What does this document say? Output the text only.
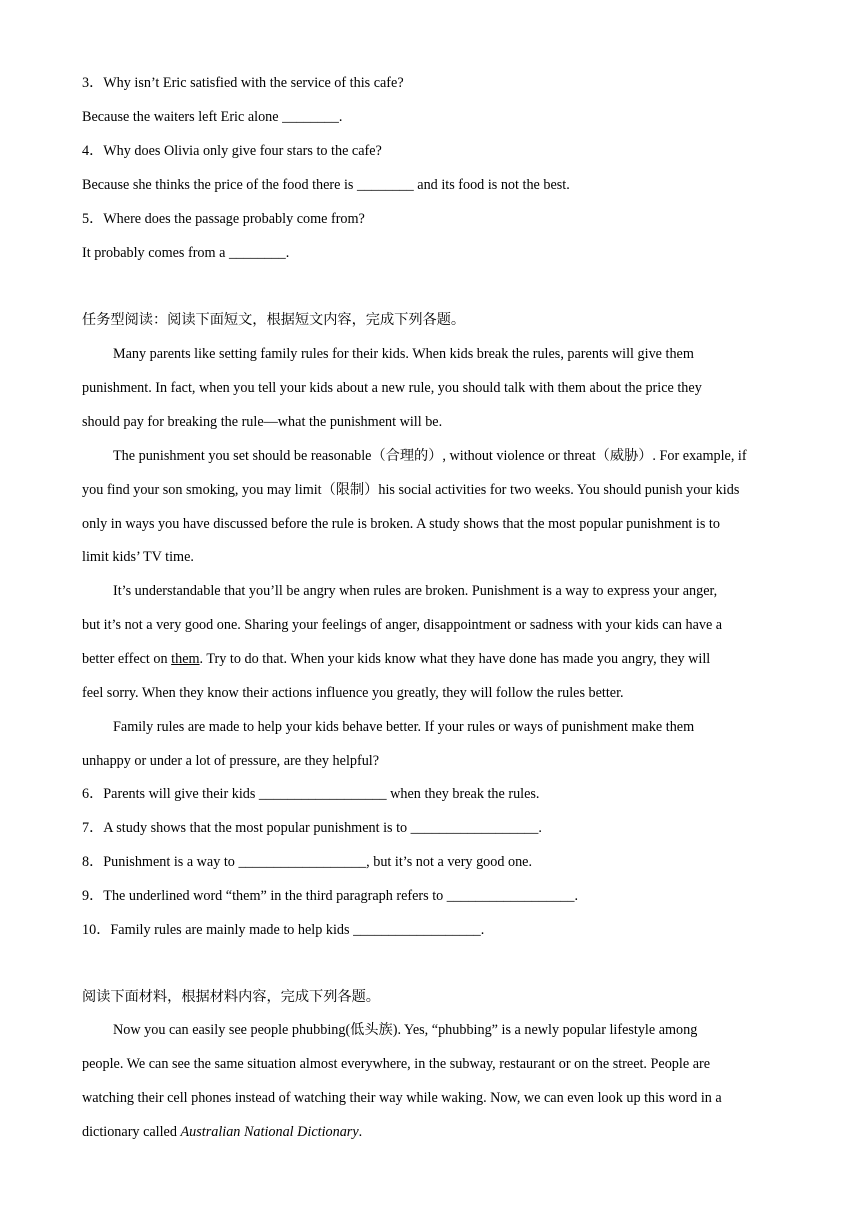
3．Why isn’t Eric satisfied with the service of this cafe?
Because the waiters left Eric alone ________.
4．Why does Olivia only give four stars to the cafe?
Because she thinks the price of the food there is ________ and its food is not the best.
5．Where does the passage probably come from?
It probably comes from a ________.
任务型阅读：阅读下面短文，根据短文内容，完成下列各题。
Many parents like setting family rules for their kids. When kids break the rules, parents will give them
punishment. In fact, when you tell your kids about a new rule, you should talk with them about the price they
should pay for breaking the rule—what the punishment will be.
The punishment you set should be reasonable（合理的）, without violence or threat（威胁）. For example, if
you find your son smoking, you may limit（限制）his social activities for two weeks. You should punish your kids
only in ways you have discussed before the rule is broken. A study shows that the most popular punishment is to
limit kids’ TV time.
It’s understandable that you’ll be angry when rules are broken. Punishment is a way to express your anger,
but it’s not a very good one. Sharing your feelings of anger, disappointment or sadness with your kids can have a
better effect on them. Try to do that. When your kids know what they have done has made you angry, they will
feel sorry. When they know their actions influence you greatly, they will follow the rules better.
Family rules are made to help your kids behave better. If your rules or ways of punishment make them
unhappy or under a lot of pressure, are they helpful?
6．Parents will give their kids __________________ when they break the rules.
7．A study shows that the most popular punishment is to __________________.
8．Punishment is a way to __________________, but it’s not a very good one.
9．The underlined word “them” in the third paragraph refers to __________________.
10．Family rules are mainly made to help kids __________________.
阅读下面材料，根据材料内容，完成下列各题。
Now you can easily see people phubbing(低头族). Yes, “phubbing” is a newly popular lifestyle among
people. We can see the same situation almost everywhere, in the subway, restaurant or on the street. People are
watching their cell phones instead of watching their way while waking. Now, we can even look up this word in a
dictionary called Australian National Dictionary.
